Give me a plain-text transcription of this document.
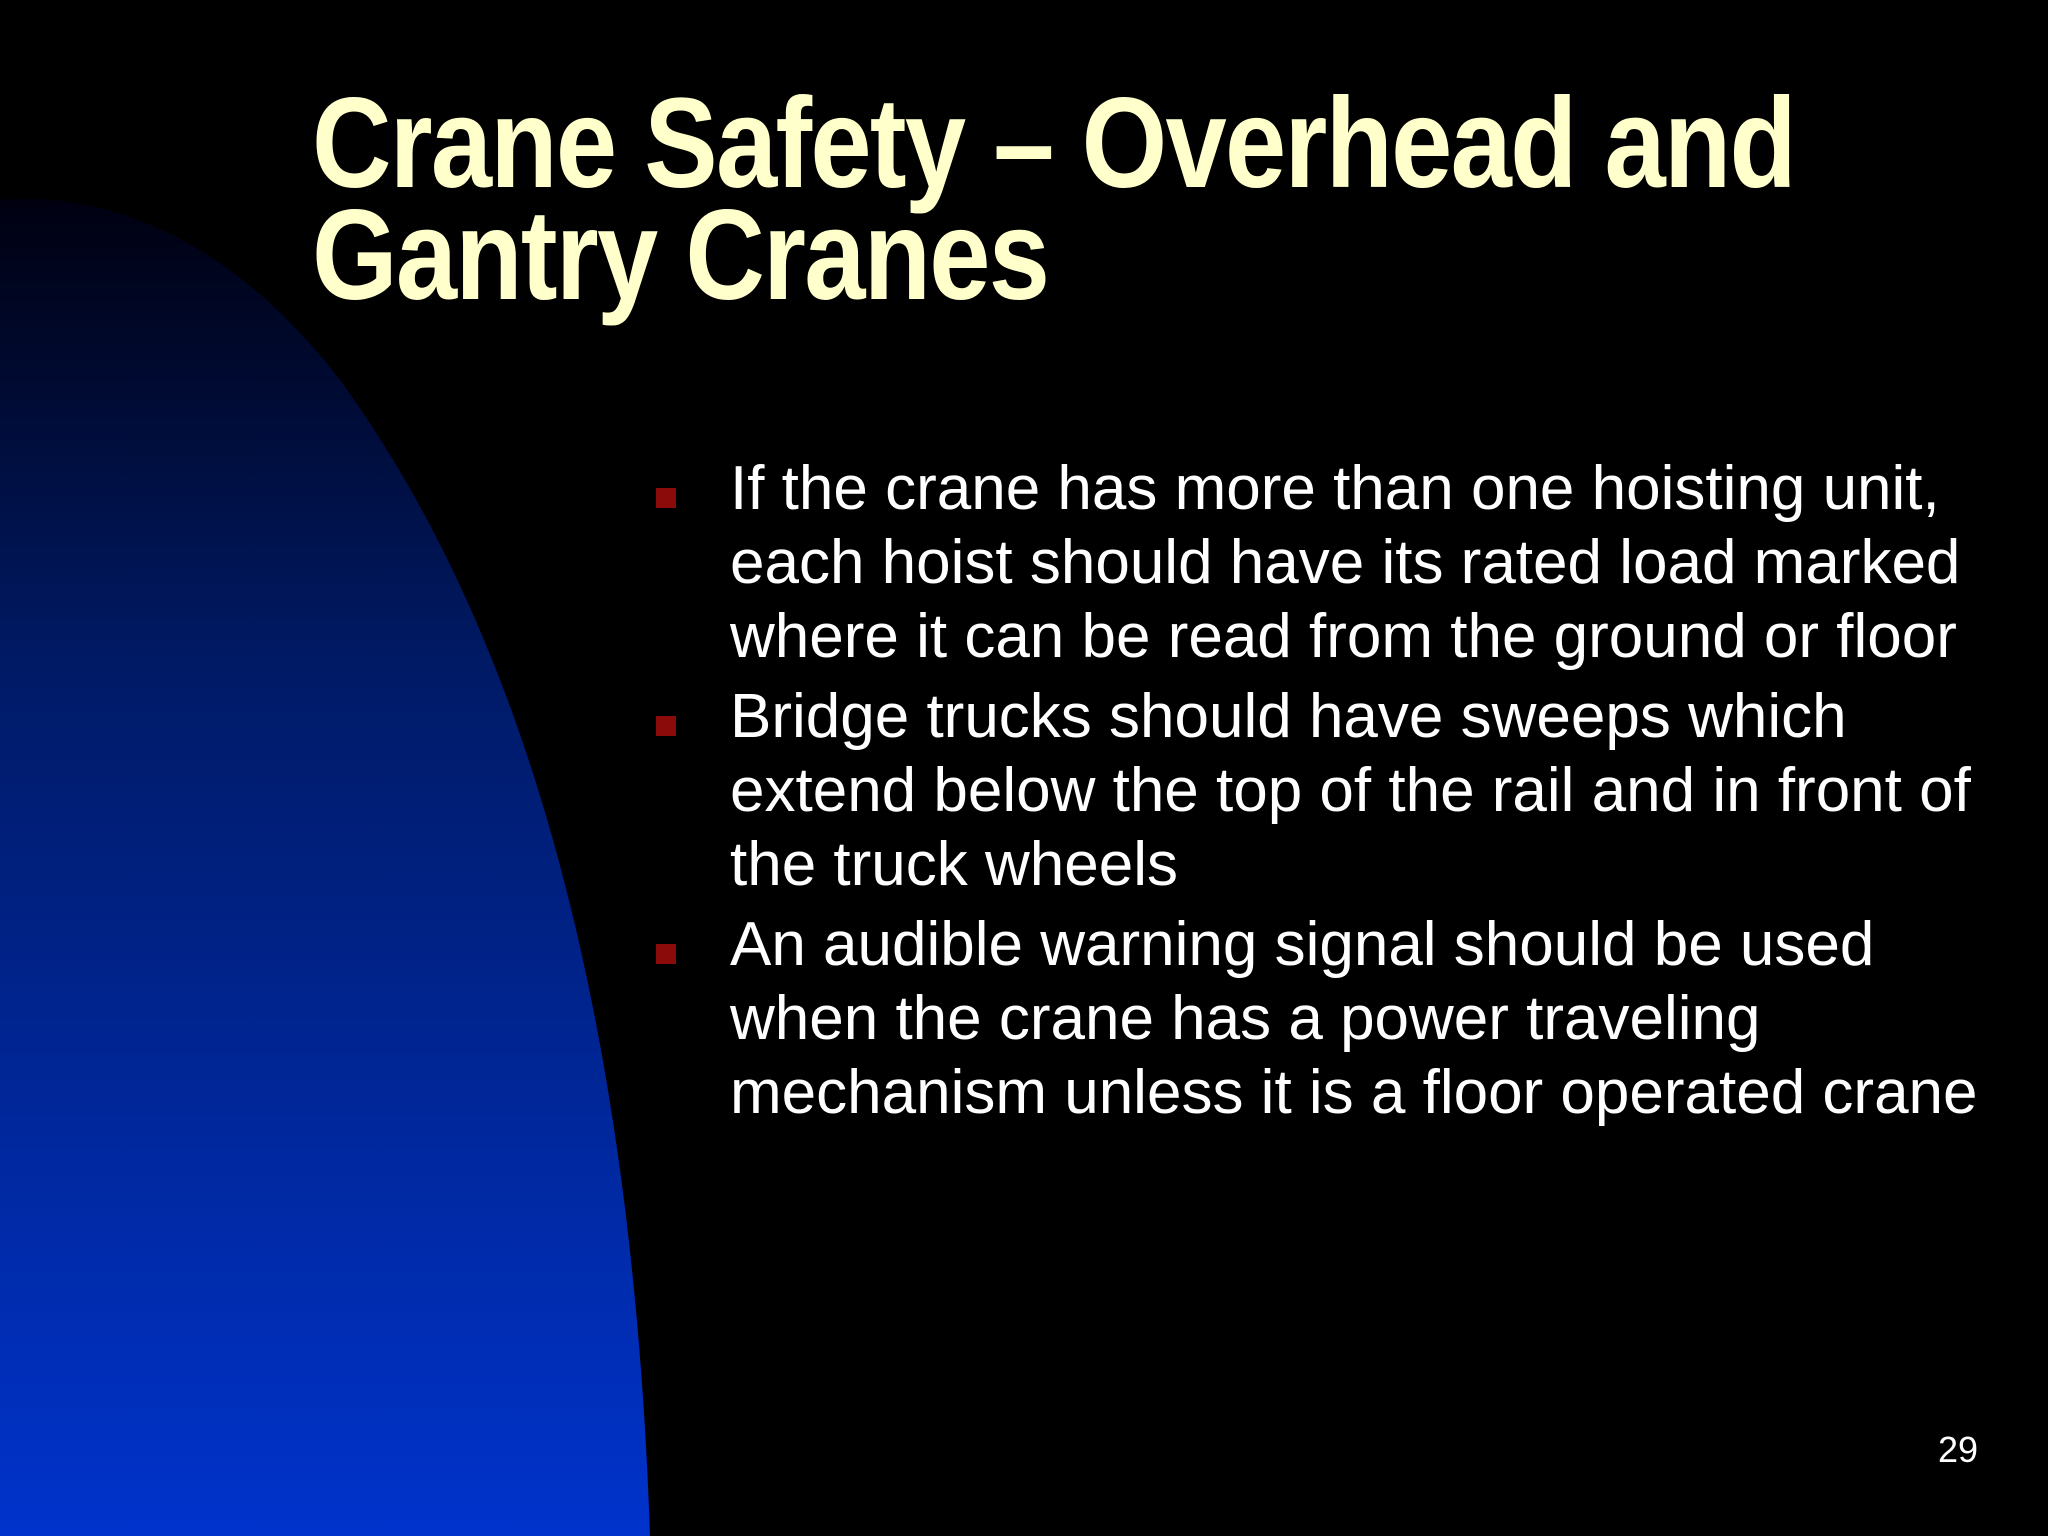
Crane Safety – Overhead and
Gantry Cranes
If the crane has more than one hoisting unit, each hoist should have its rated load marked where it can be read from the ground or floor
Bridge trucks should have sweeps which extend below the top of the rail and in front of the truck wheels
An audible warning signal should be used when the crane has a power traveling mechanism unless it is a floor operated crane
29
